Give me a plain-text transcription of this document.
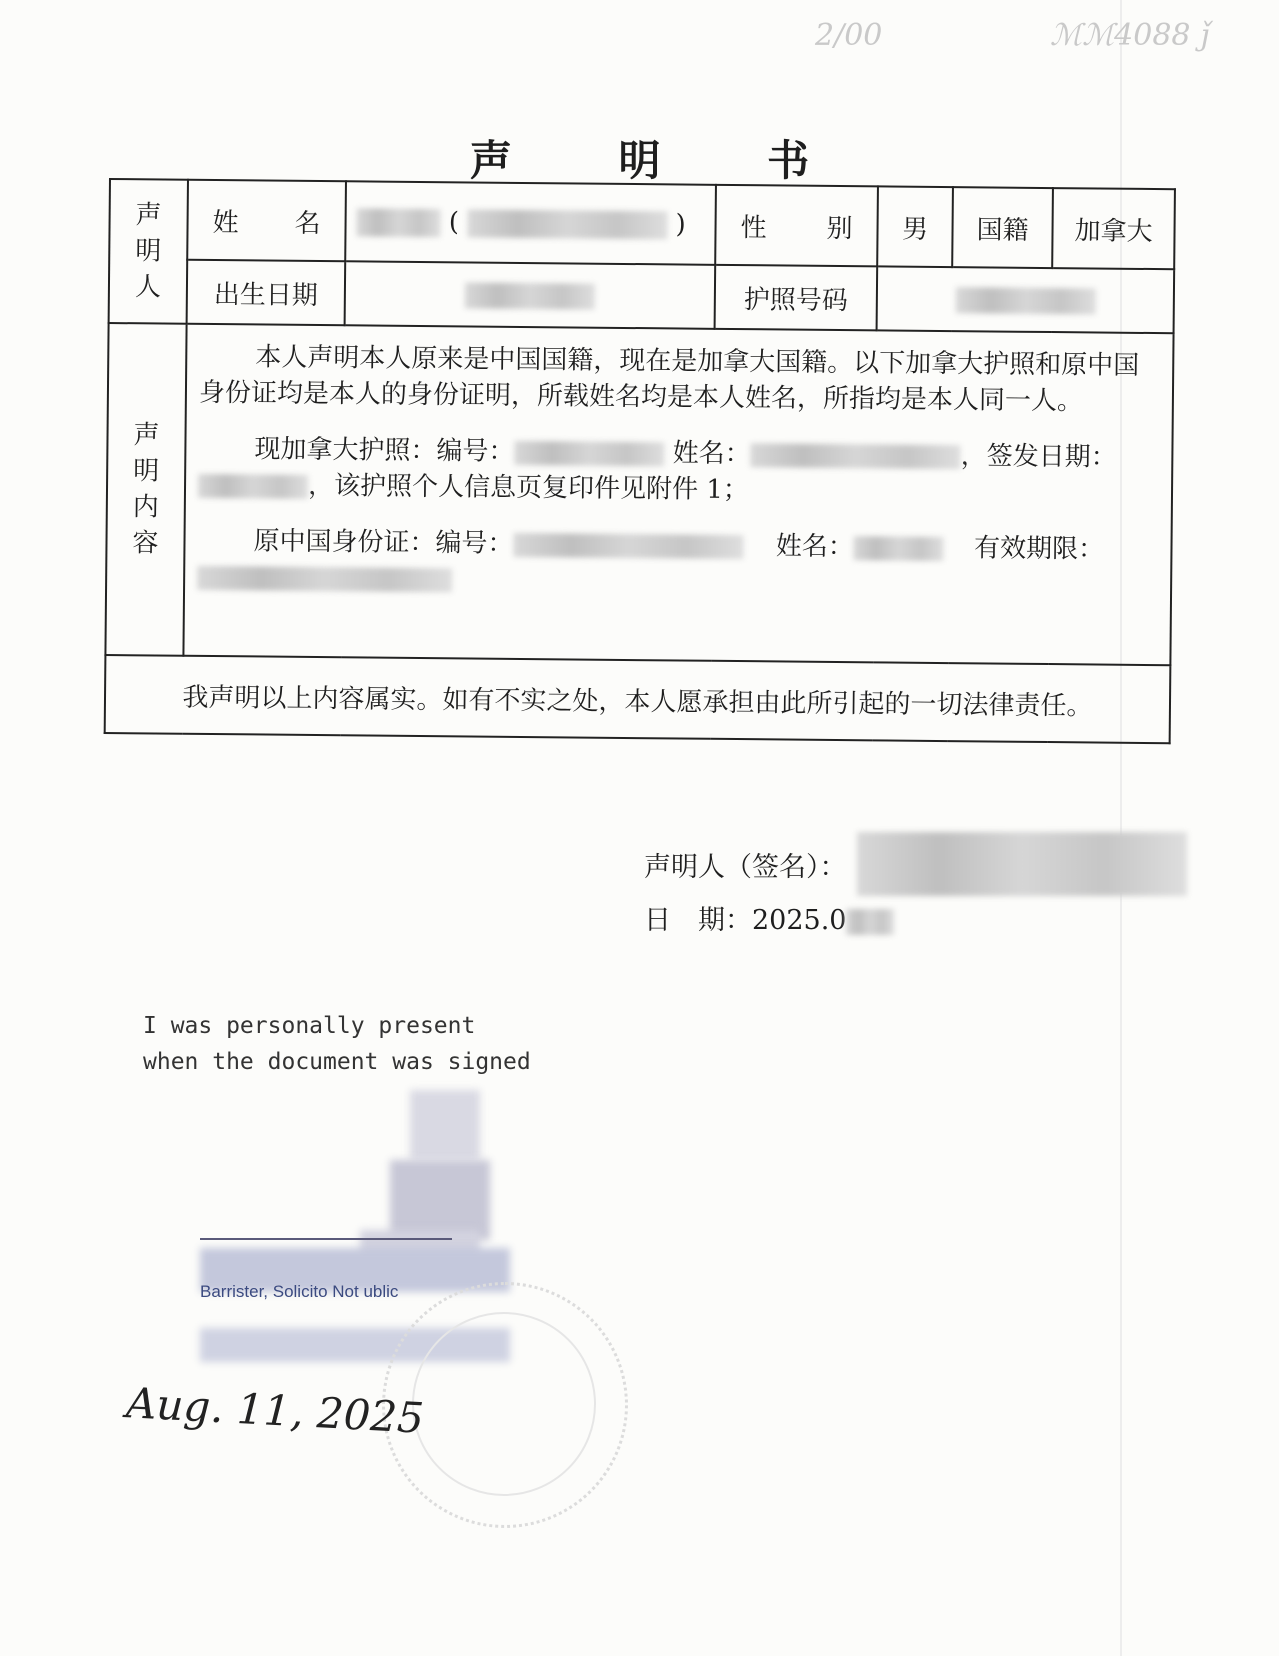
2/00	ℳℳ4088 ǰ
声 明 书
声明人	姓 名	( )	性 别	男	国籍	加拿大
	出生日期		护照号码			

声明内容	本人声明本人原来是中国国籍，现在是加拿大国籍。以下加拿大护照和原中国身份证均是本人的身份证明，所载姓名均是本人姓名，所指均是本人同一人。

现加拿大护照：编号： 姓名： ，签发日期：
，该护照个人信息页复印件见附件 1；

原中国身份证：编号： 姓名： 有效期限：					

我声明以上内容属实。如有不实之处，本人愿承担由此所引起的一切法律责任。						
声明人（签名）：
日　期：2025.0
I was personally present
when the document was signed
Barrister, Solicito Not ublic
Aug. 11, 2025
